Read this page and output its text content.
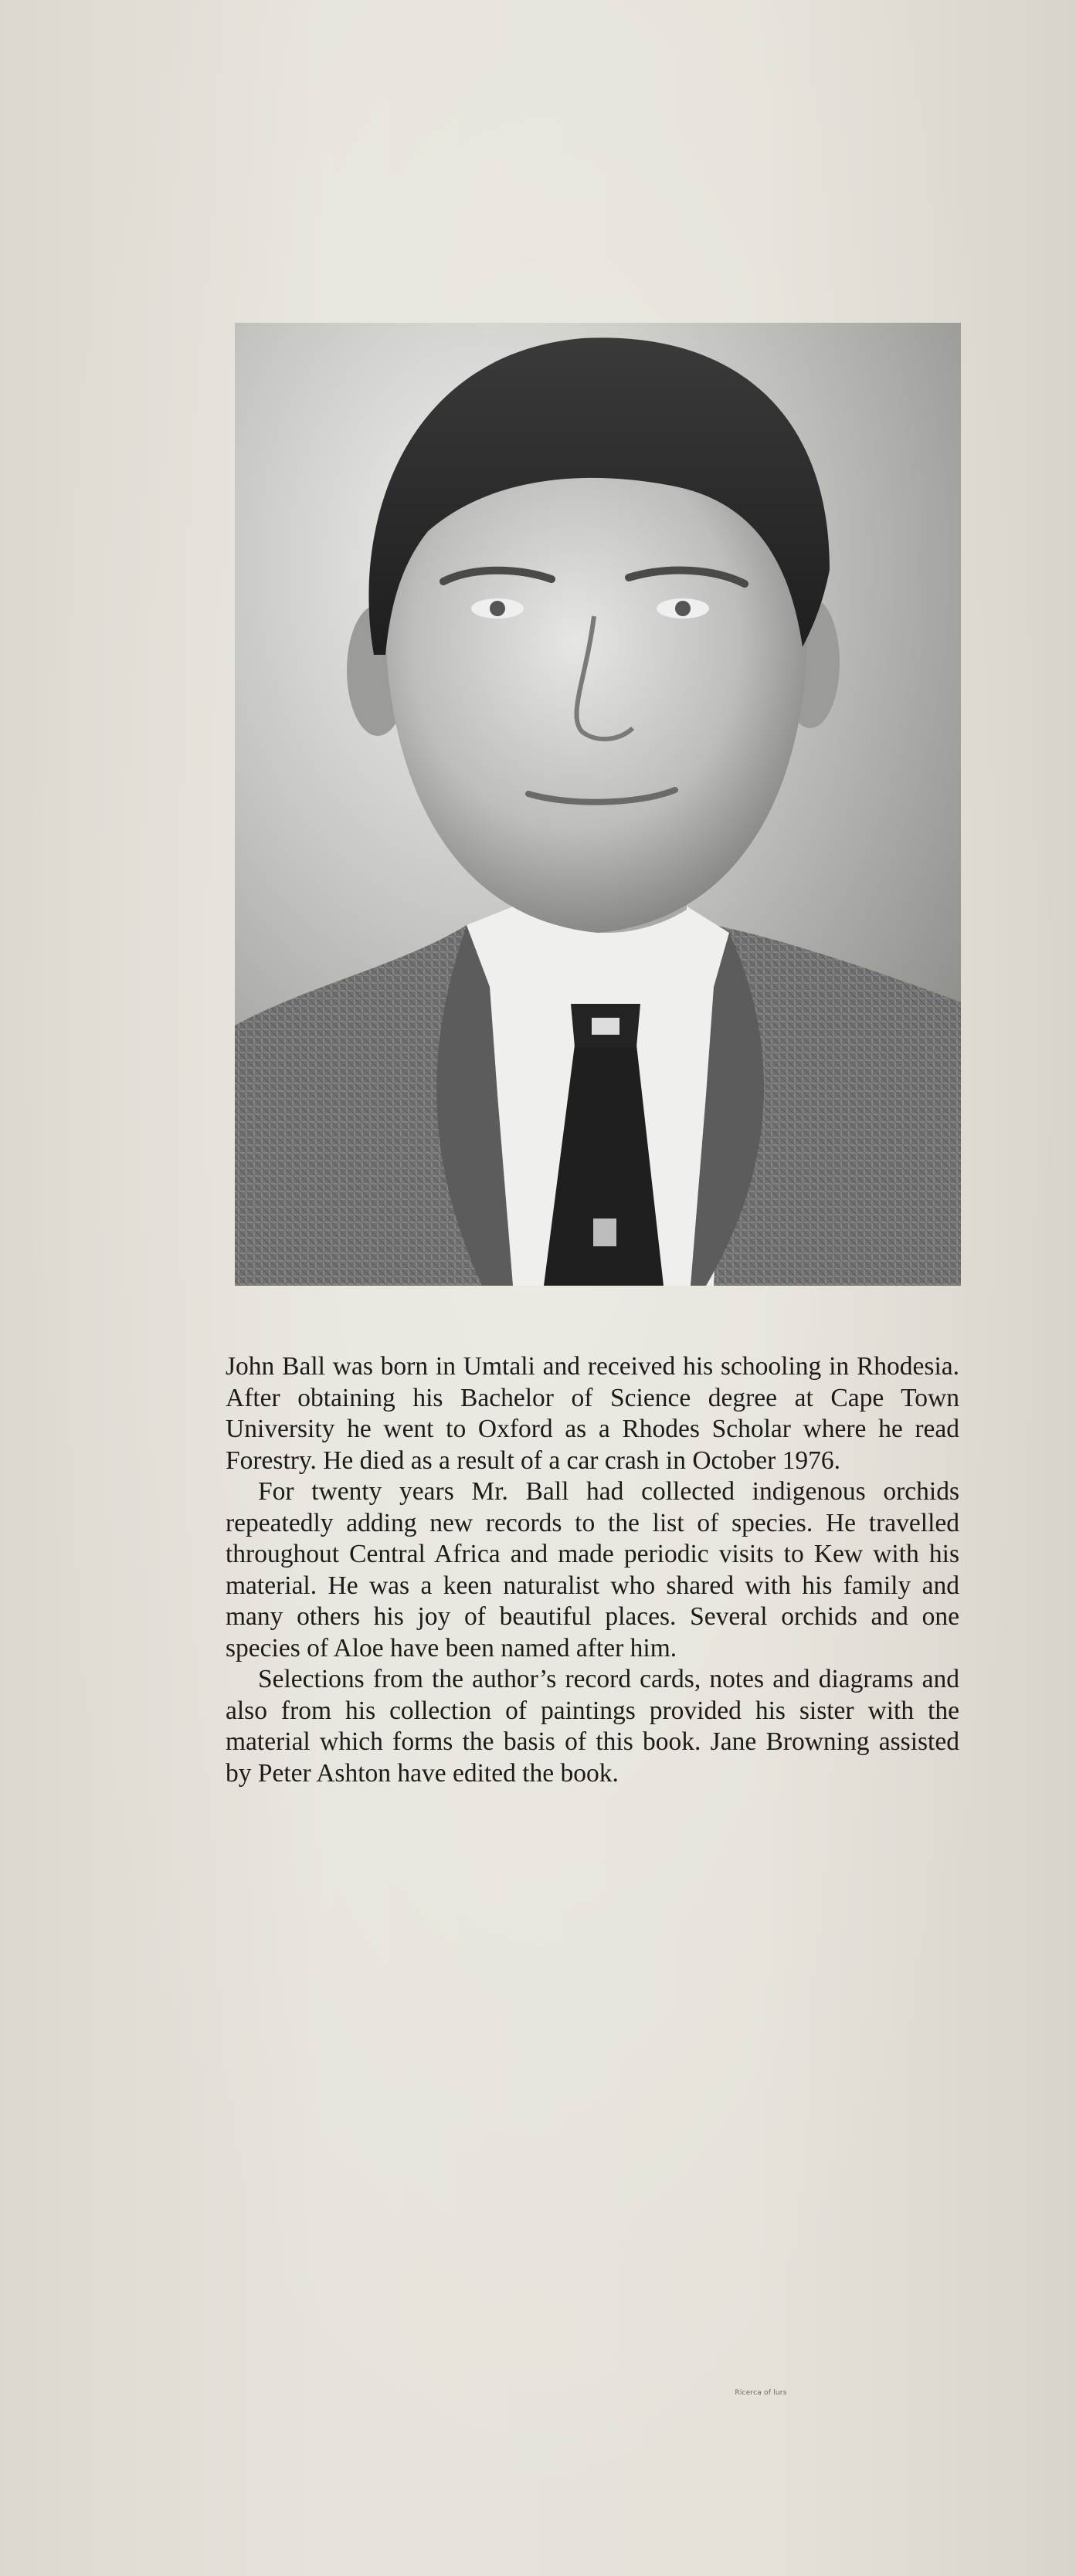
John Ball was born in Umtali and received his schooling in Rhodesia. After obtaining his Bachelor of Science degree at Cape Town University he went to Oxford as a Rhodes Scholar where he read Forestry. He died as a result of a car crash in October 1976.

For twenty years Mr. Ball had collected indigenous orchids repeatedly adding new records to the list of species. He travelled throughout Central Africa and made periodic visits to Kew with his material. He was a keen naturalist who shared with his family and many others his joy of beautiful places. Several orchids and one species of Aloe have been named after him.

Selections from the author’s record cards, notes and diagrams and also from his collection of paintings provided his sister with the material which forms the basis of this book. Jane Browning assisted by Peter Ashton have edited the book.

Ricerca of lurs
